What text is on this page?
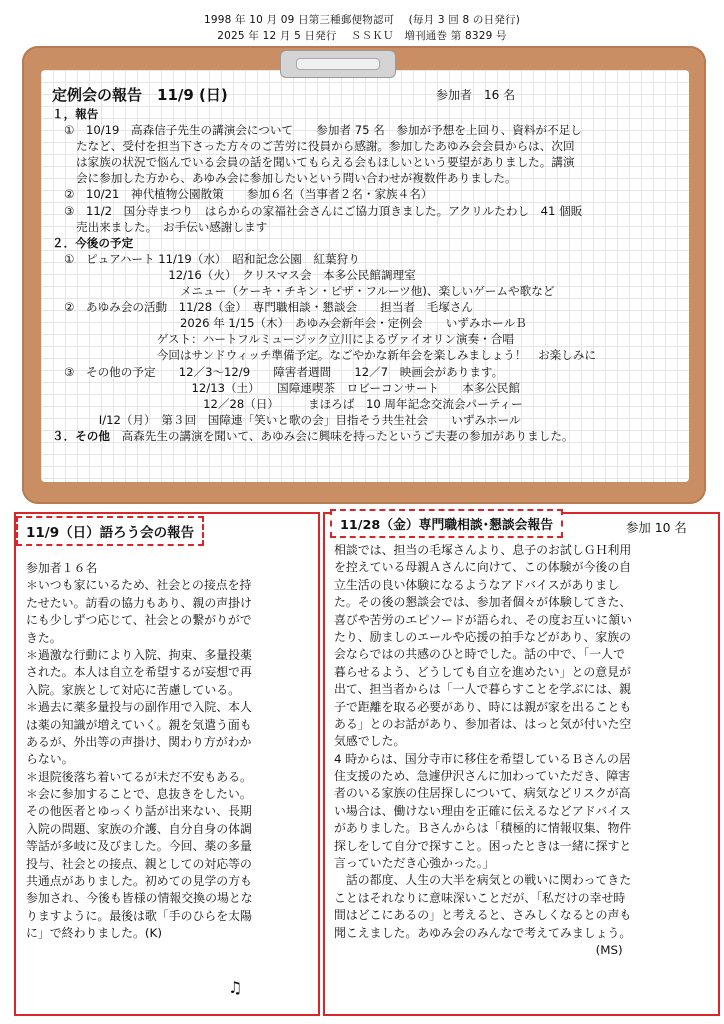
1998 年 10 月 09 日第三種郵便物認可　 (毎月 3 回 8 の日発行)
2025 年 12 月 5 日発行　 ＳＳＫＵ　増刊通巻 第 8329 号
定例会の報告　11/9 (日)	参加者　16 名
１，報告
①　10/19　高森信子先生の講演会について　　参加者 75 名　参加が予想を上回り、資料が不足し
たなど、受付を担当下さった方々のご苦労に役員から感謝。参加したあゆみ会会員からは、次回
は家族の状況で悩んでいる会員の話を聞いてもらえる会もほしいという要望がありました。講演
会に参加した方から、あゆみ会に参加したいという問い合わせが複数件ありました。
②　10/21　神代植物公園散策　　参加６名（当事者２名・家族４名）
③　11/2　国分寺まつり　はらからの家福社会さんにご協力頂きました。アクリルたわし　41 個販
売出来ました。　お手伝い感謝します
２．今後の予定
①　ピュアハート 11/19（水）　昭和記念公園　紅葉狩り
　　　　　　　　　12/16（火）　クリスマス会　本多公民館調理室
　　　　　　　　　　メニュー（ケーキ・チキン・ピザ・フルーツ他)、楽しいゲームや歌など
②　あゆみ会の活動　11/28（金）　専門職相談・懇談会　　担当者　毛塚さん
　　　　　　　　　　2026 年 1/15（木）　あゆみ会新年会・定例会　　いずみホールＢ
　　　　　　　　ゲスト：ハートフルミュージック立川によるヴァイオリン演奏・合唱
　　　　　　　　今回はサンドウィッチ準備予定。なごやかな新年会を楽しみましょう！　お楽しみに
③　その他の予定　　12／3～12/9　　障害者週間　　12／7　映画会があります。
　　　　　　　　　　　12/13（土）　　国障連喫茶　ロビーコンサート　　本多公民館
　　　　　　　　　　　　12／28（日）　　　まほろば　10 周年記念交流会パーティー
　　　Ⅰ/12（月）　第３回　国障連「笑いと歌の会」目指そう共生社会　　いずみホール
３．その他　高森先生の講演を聞いて、あゆみ会に興味を持ったというご夫妻の参加がありました。
11/9（日）語ろう会の報告
参加者１６名
＊いつも家にいるため、社会との接点を持
たせたい。訪看の協力もあり、親の声掛け
にも少しずつ応じて、社会との繋がりがで
きた。
＊過激な行動により入院、拘束、多量投薬
された。本人は自立を希望するが妄想で再
入院。家族として対応に苦慮している。
＊過去に薬多量投与の副作用で入院、本人
は薬の知識が増えていく。親を気遣う面も
あるが、外出等の声掛け、関わり方がわか
らない。
＊退院後落ち着いてるが未だ不安もある。
＊会に参加することで、息抜きをしたい。
その他医者とゆっくり話が出来ない、長期
入院の問題、家族の介護、自分自身の体調
等話が多岐に及びました。今回、薬の多量
投与、社会との接点、親としての対応等の
共通点がありました。初めての見学の方も
参加され、今後も皆様の情報交換の場とな
りますように。最後は歌「手のひらを太陽
に」で終わりました。(K)
♫
11/28（金）専門職相談･懇談会報告	参加 10 名
相談では、担当の毛塚さんより、息子のお試しＧＨ利用
を控えている母親Ａさんに向けて、この体験が今後の自
立生活の良い体験になるようなアドバイスがありまし
た。その後の懇談会では、参加者個々が体験してきた、
喜びや苦労のエピソードが語られ、その度お互いに頷い
たり、励ましのエールや応援の拍手などがあり、家族の
会ならではの共感のひと時でした。話の中で、「一人で
暮らせるよう、どうしても自立を進めたい」との意見が
出て、担当者からは「一人で暮らすことを学ぶには、親
子で距離を取る必要があり、時には親が家を出ることも
ある」とのお話があり、参加者は、はっと気が付いた空
気感でした。
4 時からは、国分寺市に移住を希望しているＢさんの居
住支援のため、急遽伊沢さんに加わっていただき、障害
者のいる家族の住居探しについて、病気などリスクが高
い場合は、働けない理由を正確に伝えるなどアドバイス
がありました。Ｂさんからは「積極的に情報収集、物件
探しをして自分で探すこと。困ったときは一緒に探すと
言っていただき心強かった。」
　話の都度、人生の大半を病気との戦いに関わってきた
ことはそれなりに意味深いことだが、「私だけの幸せ時
間はどこにあるの」と考えると、さみしくなるとの声も
聞こえました。あゆみ会のみんなで考えてみましょう。
　　　　　　　　　　　　　　　　　　　　　　(MS)
